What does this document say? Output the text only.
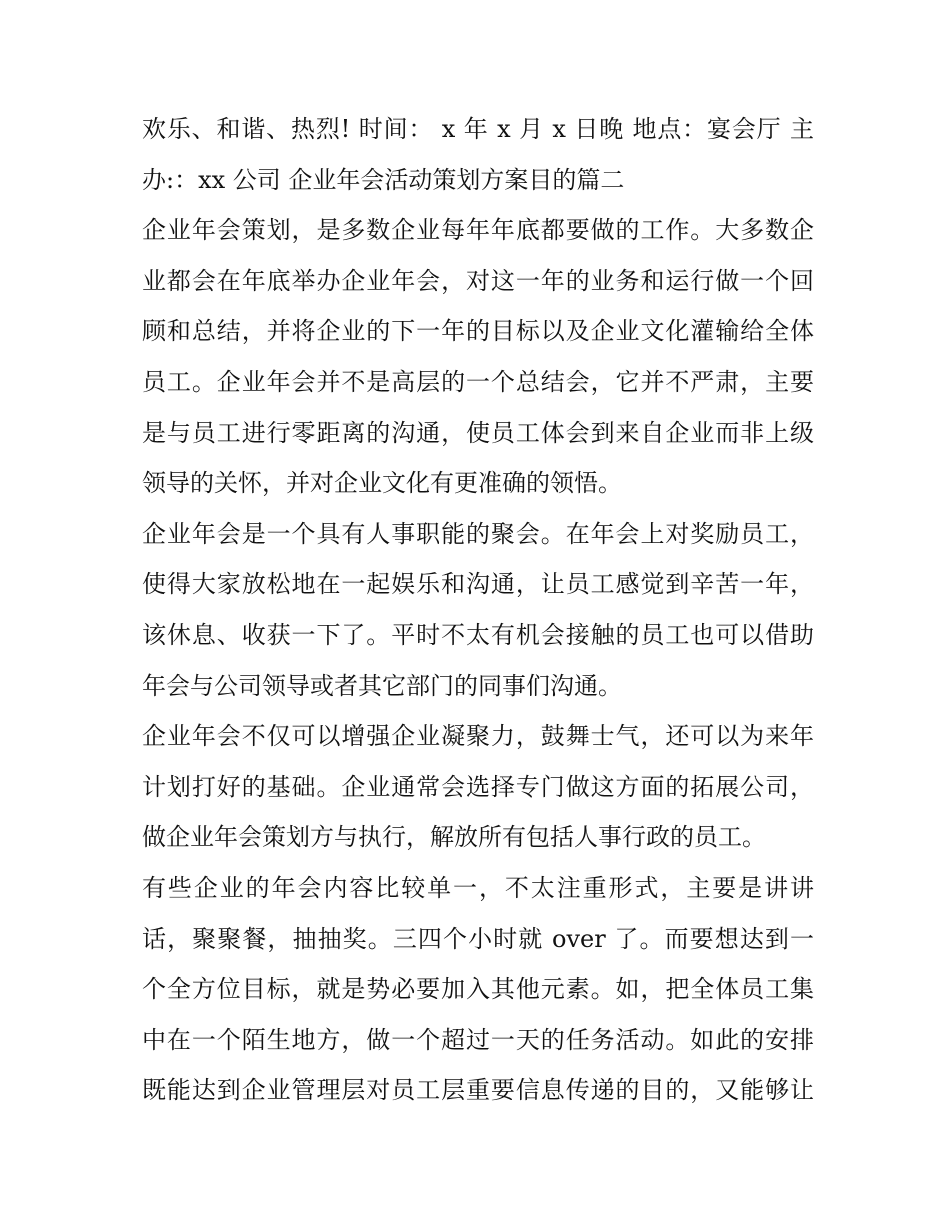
欢乐、和谐、热烈! 时间： x 年 x 月 x 日晚 地点：宴会厅 主
办:：xx 公司 企业年会活动策划方案目的篇二
企业年会策划，是多数企业每年年底都要做的工作。大多数企
业都会在年底举办企业年会，对这一年的业务和运行做一个回
顾和总结，并将企业的下一年的目标以及企业文化灌输给全体
员工。企业年会并不是高层的一个总结会，它并不严肃，主要
是与员工进行零距离的沟通，使员工体会到来自企业而非上级
领导的关怀，并对企业文化有更准确的领悟。
企业年会是一个具有人事职能的聚会。在年会上对奖励员工，
使得大家放松地在一起娱乐和沟通，让员工感觉到辛苦一年，
该休息、收获一下了。平时不太有机会接触的员工也可以借助
年会与公司领导或者其它部门的同事们沟通。
企业年会不仅可以增强企业凝聚力，鼓舞士气，还可以为来年
计划打好的基础。企业通常会选择专门做这方面的拓展公司，
做企业年会策划方与执行，解放所有包括人事行政的员工。
有些企业的年会内容比较单一，不太注重形式，主要是讲讲
话，聚聚餐，抽抽奖。三四个小时就 over 了。而要想达到一
个全方位目标，就是势必要加入其他元素。如，把全体员工集
中在一个陌生地方，做一个超过一天的任务活动。如此的安排
既能达到企业管理层对员工层重要信息传递的目的，又能够让
